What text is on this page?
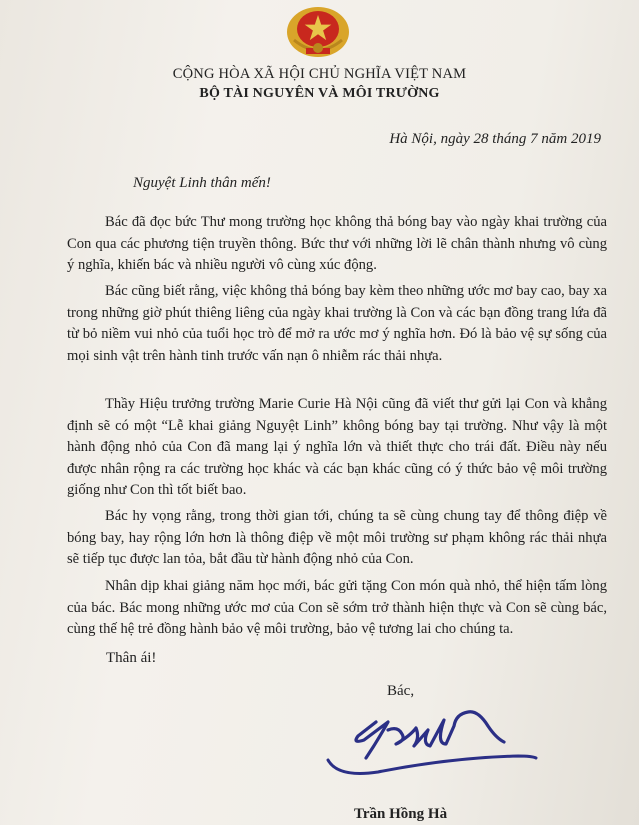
CỘNG HÒA XÃ HỘI CHỦ NGHĨA VIỆT NAM
BỘ TÀI NGUYÊN VÀ MÔI TRƯỜNG
Hà Nội, ngày 28 tháng 7 năm 2019
Nguyệt Linh thân mến!

Bác đã đọc bức Thư mong trường học không thả bóng bay vào ngày khai trường của Con qua các phương tiện truyền thông. Bức thư với những lời lẽ chân thành nhưng vô cùng ý nghĩa, khiến bác và nhiều người vô cùng xúc động.

Bác cũng biết rằng, việc không thả bóng bay kèm theo những ước mơ bay cao, bay xa trong những giờ phút thiêng liêng của ngày khai trường là Con và các bạn đồng trang lứa đã từ bỏ niềm vui nhỏ của tuổi học trò để mở ra ước mơ ý nghĩa hơn. Đó là bảo vệ sự sống của mọi sinh vật trên hành tinh trước vấn nạn ô nhiễm rác thải nhựa.

Thầy Hiệu trưởng trường Marie Curie Hà Nội cũng đã viết thư gửi lại Con và khẳng định sẽ có một “Lễ khai giảng Nguyệt Linh” không bóng bay tại trường. Như vậy là một hành động nhỏ của Con đã mang lại ý nghĩa lớn và thiết thực cho trái đất. Điều này nếu được nhân rộng ra các trường học khác và các bạn khác cũng có ý thức bảo vệ môi trường giống như Con thì tốt biết bao.

Bác hy vọng rằng, trong thời gian tới, chúng ta sẽ cùng chung tay để thông điệp về bóng bay, hay rộng lớn hơn là thông điệp về một môi trường sư phạm không rác thải nhựa sẽ tiếp tục được lan tỏa, bắt đầu từ hành động nhỏ của Con.

Nhân dịp khai giảng năm học mới, bác gửi tặng Con món quà nhỏ, thể hiện tấm lòng của bác. Bác mong những ước mơ của Con sẽ sớm trở thành hiện thực và Con sẽ cùng bác, cùng thế hệ trẻ đồng hành bảo vệ môi trường, bảo vệ tương lai cho chúng ta.

Thân ái!
Bác,
Trần Hồng Hà
